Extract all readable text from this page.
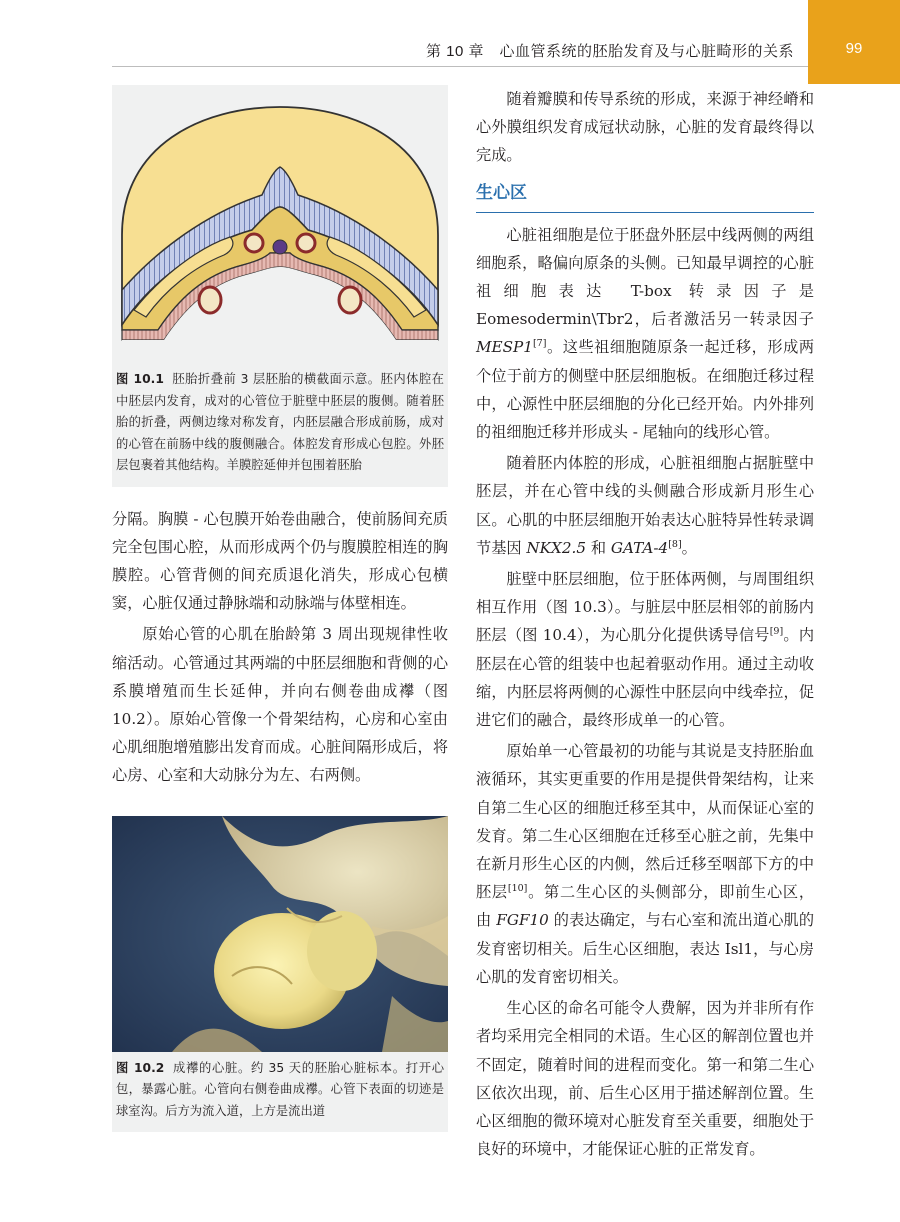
99
第 10 章　心血管系统的胚胎发育及与心脏畸形的关系
图 10.1 胚胎折叠前 3 层胚胎的横截面示意。胚内体腔在中胚层内发育，成对的心管位于脏壁中胚层的腹侧。随着胚胎的折叠，两侧边缘对称发育，内胚层融合形成前肠，成对的心管在前肠中线的腹侧融合。体腔发育形成心包腔。外胚层包裹着其他结构。羊膜腔延伸并包围着胚胎

分隔。胸膜 - 心包膜开始卷曲融合，使前肠间充质完全包围心腔，从而形成两个仍与腹膜腔相连的胸膜腔。心管背侧的间充质退化消失，形成心包横窦，心脏仅通过静脉端和动脉端与体壁相连。

原始心管的心肌在胎龄第 3 周出现规律性收缩活动。心管通过其两端的中胚层细胞和背侧的心系膜增殖而生长延伸，并向右侧卷曲成襻（图 10.2）。原始心管像一个骨架结构，心房和心室由心肌细胞增殖膨出发育而成。心脏间隔形成后，将心房、心室和大动脉分为左、右两侧。

图 10.2 成襻的心脏。约 35 天的胚胎心脏标本。打开心包，暴露心脏。心管向右侧卷曲成襻。心管下表面的切迹是球室沟。后方为流入道，上方是流出道

随着瓣膜和传导系统的形成，来源于神经嵴和心外膜组织发育成冠状动脉，心脏的发育最终得以完成。

生心区

心脏祖细胞是位于胚盘外胚层中线两侧的两组细胞系，略偏向原条的头侧。已知最早调控的心脏祖细胞表达 T-box 转录因子是 Eomesodermin\Tbr2，后者激活另一转录因子 MESP1[7]。这些祖细胞随原条一起迁移，形成两个位于前方的侧壁中胚层细胞板。在细胞迁移过程中，心源性中胚层细胞的分化已经开始。内外排列的祖细胞迁移并形成头 - 尾轴向的线形心管。

随着胚内体腔的形成，心脏祖细胞占据脏壁中胚层，并在心管中线的头侧融合形成新月形生心区。心肌的中胚层细胞开始表达心脏特异性转录调节基因 NKX2.5 和 GATA-4[8]。

脏壁中胚层细胞，位于胚体两侧，与周围组织相互作用（图 10.3）。与脏层中胚层相邻的前肠内胚层（图 10.4），为心肌分化提供诱导信号[9]。内胚层在心管的组装中也起着驱动作用。通过主动收缩，内胚层将两侧的心源性中胚层向中线牵拉，促进它们的融合，最终形成单一的心管。

原始单一心管最初的功能与其说是支持胚胎血液循环，其实更重要的作用是提供骨架结构，让来自第二生心区的细胞迁移至其中，从而保证心室的发育。第二生心区细胞在迁移至心脏之前，先集中在新月形生心区的内侧，然后迁移至咽部下方的中胚层[10]。第二生心区的头侧部分，即前生心区，由 FGF10 的表达确定，与右心室和流出道心肌的发育密切相关。后生心区细胞，表达 Isl1，与心房心肌的发育密切相关。

生心区的命名可能令人费解，因为并非所有作者均采用完全相同的术语。生心区的解剖位置也并不固定，随着时间的进程而变化。第一和第二生心区依次出现，前、后生心区用于描述解剖位置。生心区细胞的微环境对心脏发育至关重要，细胞处于良好的环境中，才能保证心脏的正常发育。
